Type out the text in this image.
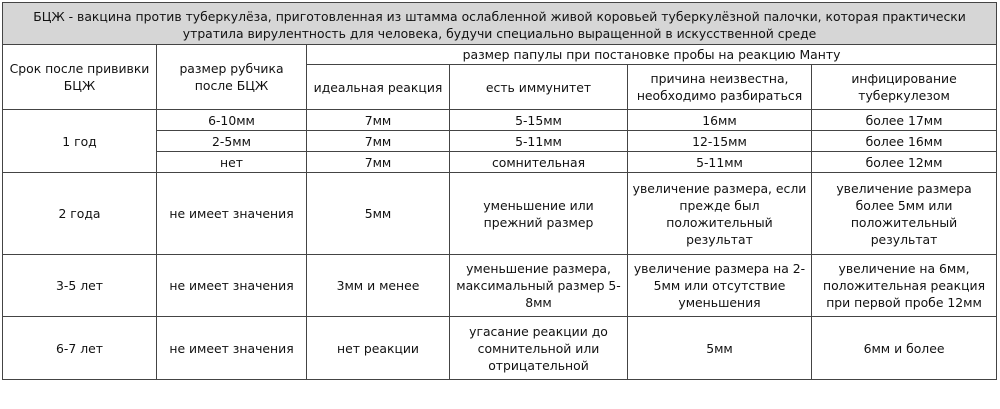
БЦЖ - вакцина против туберкулёза, приготовленная из штамма ослабленной живой коровьей туберкулёзной палочки, которая практически утратила вирулентность для человека, будучи специально выращенной в искусственной среде					
Срок после прививки БЦЖ	размер рубчика после БЦЖ	размер папулы при постановке пробы на реакцию Манту			
		идеальная реакция	есть иммунитет	причина неизвестна, необходимо разбираться	инфицирование туберкулезом
1 год	6-10мм	7мм	5-15мм	16мм	более 17мм
	2-5мм	7мм	5-11мм	12-15мм	более 16мм
	нет	7мм	сомнительная	5-11мм	более 12мм
2 года	не имеет значения	5мм	уменьшение или прежний размер	увеличение размера, если прежде был положительный результат	увеличение размера более 5мм или положительный результат
3-5 лет	не имеет значения	3мм и менее	уменьшение размера, максимальный размер 5-8мм	увеличение размера на 2-5мм или отсутствие уменьшения	увеличение на 6мм, положительная реакция при первой пробе 12мм
6-7 лет	не имеет значения	нет реакции	угасание реакции до сомнительной или отрицательной	5мм	6мм и более
